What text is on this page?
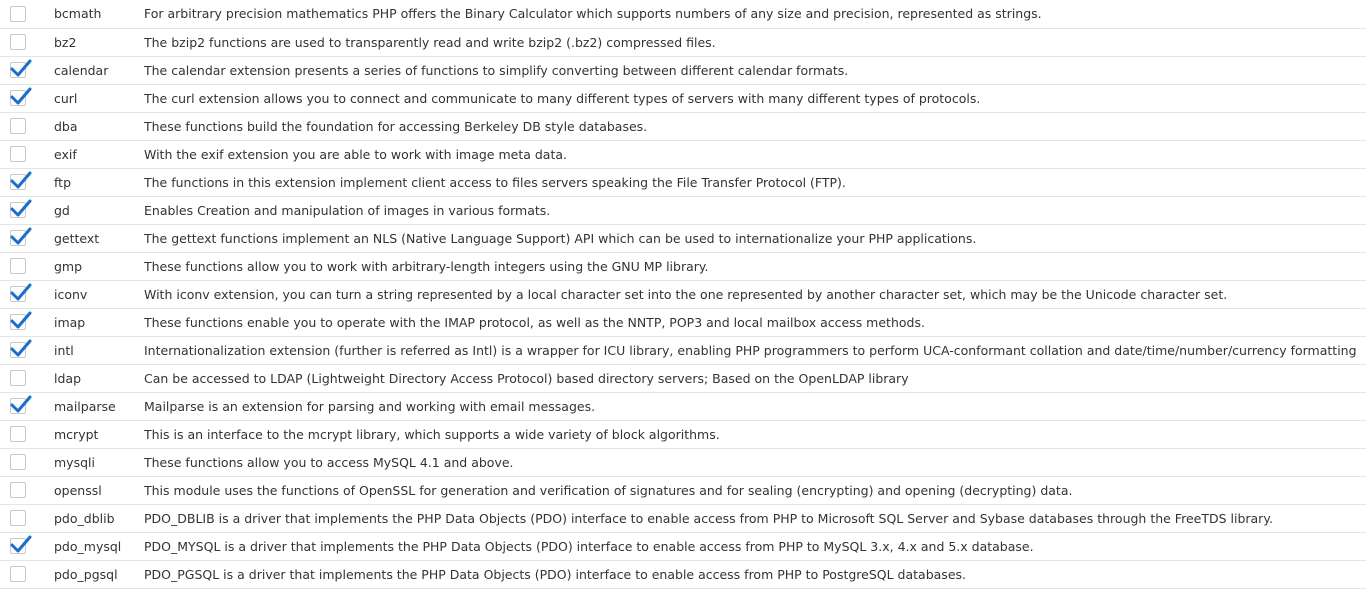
	bcmath	For arbitrary precision mathematics PHP offers the Binary Calculator which supports numbers of any size and precision, represented as strings.

	bz2	The bzip2 functions are used to transparently read and write bzip2 (.bz2) compressed files.

	calendar	The calendar extension presents a series of functions to simplify converting between different calendar formats.

	curl	The curl extension allows you to connect and communicate to many different types of servers with many different types of protocols.

	dba	These functions build the foundation for accessing Berkeley DB style databases.

	exif	With the exif extension you are able to work with image meta data.

	ftp	The functions in this extension implement client access to files servers speaking the File Transfer Protocol (FTP).

	gd	Enables Creation and manipulation of images in various formats.

	gettext	The gettext functions implement an NLS (Native Language Support) API which can be used to internationalize your PHP applications.

	gmp	These functions allow you to work with arbitrary-length integers using the GNU MP library.

	iconv	With iconv extension, you can turn a string represented by a local character set into the one represented by another character set, which may be the Unicode character set.

	imap	These functions enable you to operate with the IMAP protocol, as well as the NNTP, POP3 and local mailbox access methods.

	intl	Internationalization extension (further is referred as Intl) is a wrapper for ICU library, enabling PHP programmers to perform UCA-conformant collation and date/time/number/currency formatting

	ldap	Can be accessed to LDAP (Lightweight Directory Access Protocol) based directory servers; Based on the OpenLDAP library

	mailparse	Mailparse is an extension for parsing and working with email messages.

	mcrypt	This is an interface to the mcrypt library, which supports a wide variety of block algorithms.

	mysqli	These functions allow you to access MySQL 4.1 and above.

	openssl	This module uses the functions of OpenSSL for generation and verification of signatures and for sealing (encrypting) and opening (decrypting) data.

	pdo_dblib	PDO_DBLIB is a driver that implements the PHP Data Objects (PDO) interface to enable access from PHP to Microsoft SQL Server and Sybase databases through the FreeTDS library.

	pdo_mysql	PDO_MYSQL is a driver that implements the PHP Data Objects (PDO) interface to enable access from PHP to MySQL 3.x, 4.x and 5.x database.

	pdo_pgsql	PDO_PGSQL is a driver that implements the PHP Data Objects (PDO) interface to enable access from PHP to PostgreSQL databases.
